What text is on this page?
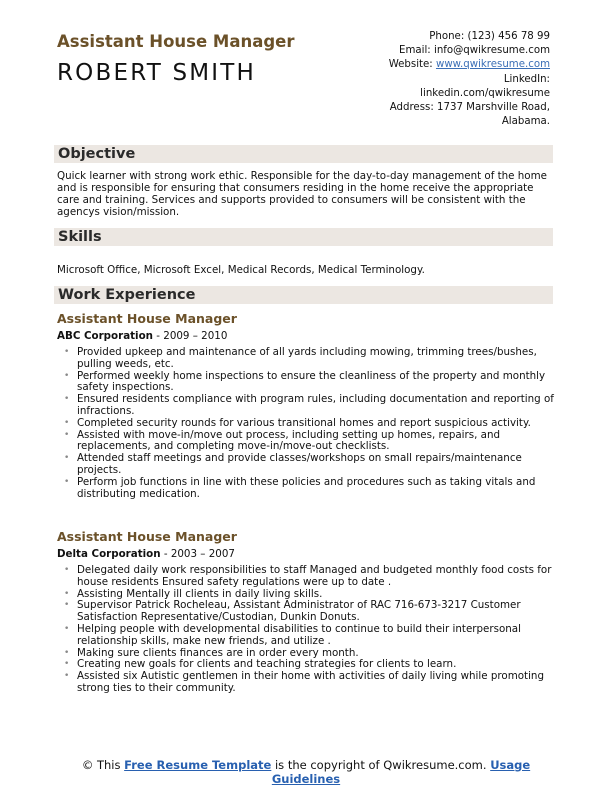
Assistant House Manager
ROBERT SMITH
Phone: (123) 456 78 99
Email: info@qwikresume.com
Website: www.qwikresume.com
LinkedIn:
linkedin.com/qwikresume
Address: 1737 Marshville Road,
Alabama.
Objective
Quick learner with strong work ethic. Responsible for the day-to-day management of the home and is responsible for ensuring that consumers residing in the home receive the appropriate care and training. Services and supports provided to consumers will be consistent with the agencys vision/mission.
Skills
Microsoft Office, Microsoft Excel, Medical Records, Medical Terminology.
Work Experience
Assistant House Manager
ABC Corporation - 2009 – 2010
• Provided upkeep and maintenance of all yards including mowing, trimming trees/bushes, pulling weeds, etc.
• Performed weekly home inspections to ensure the cleanliness of the property and monthly safety inspections.
• Ensured residents compliance with program rules, including documentation and reporting of infractions.
• Completed security rounds for various transitional homes and report suspicious activity.
• Assisted with move-in/move out process, including setting up homes, repairs, and replacements, and completing move-in/move-out checklists.
• Attended staff meetings and provide classes/workshops on small repairs/maintenance projects.
• Perform job functions in line with these policies and procedures such as taking vitals and distributing medication.
Assistant House Manager
Delta Corporation - 2003 – 2007
• Delegated daily work responsibilities to staff Managed and budgeted monthly food costs for house residents Ensured safety regulations were up to date .
• Assisting Mentally ill clients in daily living skills.
• Supervisor Patrick Rocheleau, Assistant Administrator of RAC 716-673-3217 Customer Satisfaction Representative/Custodian, Dunkin Donuts.
• Helping people with developmental disabilities to continue to build their interpersonal relationship skills, make new friends, and utilize .
• Making sure clients finances are in order every month.
• Creating new goals for clients and teaching strategies for clients to learn.
• Assisted six Autistic gentlemen in their home with activities of daily living while promoting strong ties to their community.
© This Free Resume Template is the copyright of Qwikresume.com. Usage
Guidelines
